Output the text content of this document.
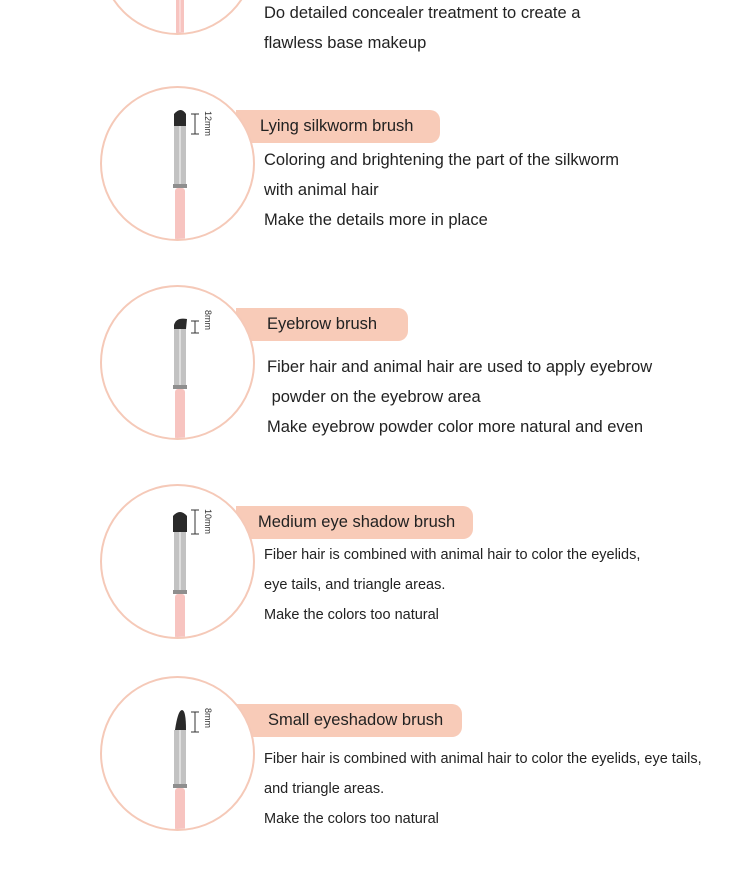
Do detailed concealer treatment to create a
flawless base makeup
Lying silkworm brush
12mm
Coloring and brightening the part of the silkworm
with animal hair
Make the details more in place
Eyebrow brush
8mm
Fiber hair and animal hair are used to apply eyebrow
powder on the eyebrow area
Make eyebrow powder color more natural and even
Medium eye shadow brush
10mm
Fiber hair is combined with animal hair to color the eyelids,
eye tails, and triangle areas.
Make the colors too natural
Small eyeshadow brush
8mm
Fiber hair is combined with animal hair to color the eyelids, eye tails,
and triangle areas.
Make the colors too natural
